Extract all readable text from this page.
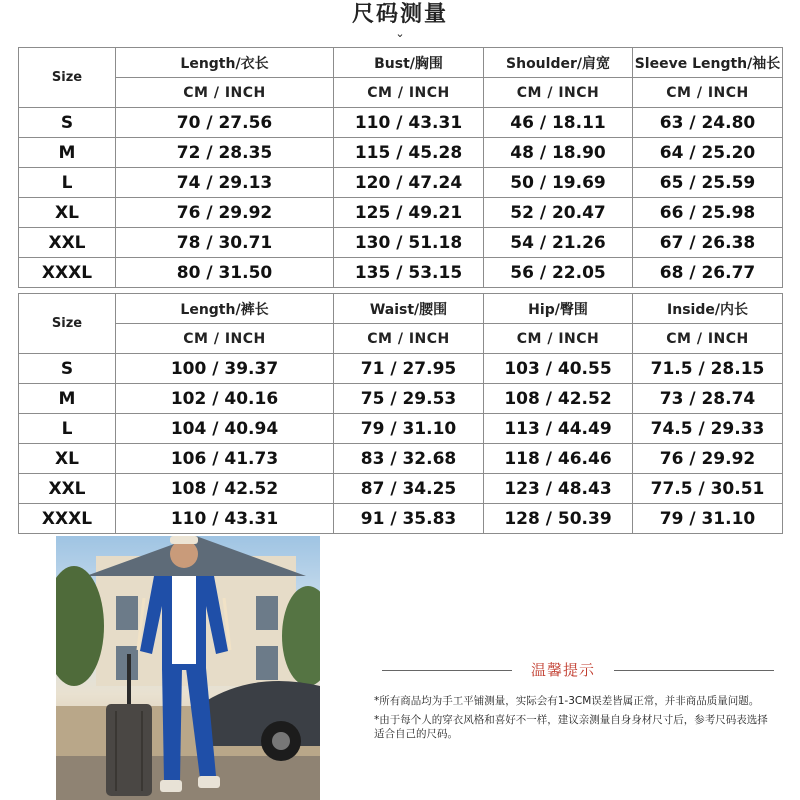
尺码测量
⌄
Size	Length/衣长	Bust/胸围	Shoulder/肩宽	Sleeve Length/袖长
	CM / INCH	CM / INCH	CM / INCH	CM / INCH
S	70 / 27.56	110 / 43.31	46 / 18.11	63 / 24.80
M	72 / 28.35	115 / 45.28	48 / 18.90	64 / 25.20
L	74 / 29.13	120 / 47.24	50 / 19.69	65 / 25.59
XL	76 / 29.92	125 / 49.21	52 / 20.47	66 / 25.98
XXL	78 / 30.71	130 / 51.18	54 / 21.26	67 / 26.38
XXXL	80 / 31.50	135 / 53.15	56 / 22.05	68 / 26.77
Size	Length/裤长	Waist/腰围	Hip/臀围	Inside/内长
	CM / INCH	CM / INCH	CM / INCH	CM / INCH
S	100 / 39.37	71 / 27.95	103 / 40.55	71.5 / 28.15
M	102 / 40.16	75 / 29.53	108 / 42.52	73 / 28.74
L	104 / 40.94	79 / 31.10	113 / 44.49	74.5 / 29.33
XL	106 / 41.73	83 / 32.68	118 / 46.46	76 / 29.92
XXL	108 / 42.52	87 / 34.25	123 / 48.43	77.5 / 30.51
XXXL	110 / 43.31	91 / 35.83	128 / 50.39	79 / 31.10
温馨提示
*所有商品均为手工平铺测量，实际会有1-3CM误差皆属正常，并非商品质量问题。
*由于每个人的穿衣风格和喜好不一样，建议亲测量自身身材尺寸后，参考尺码表选择适合自己的尺码。
